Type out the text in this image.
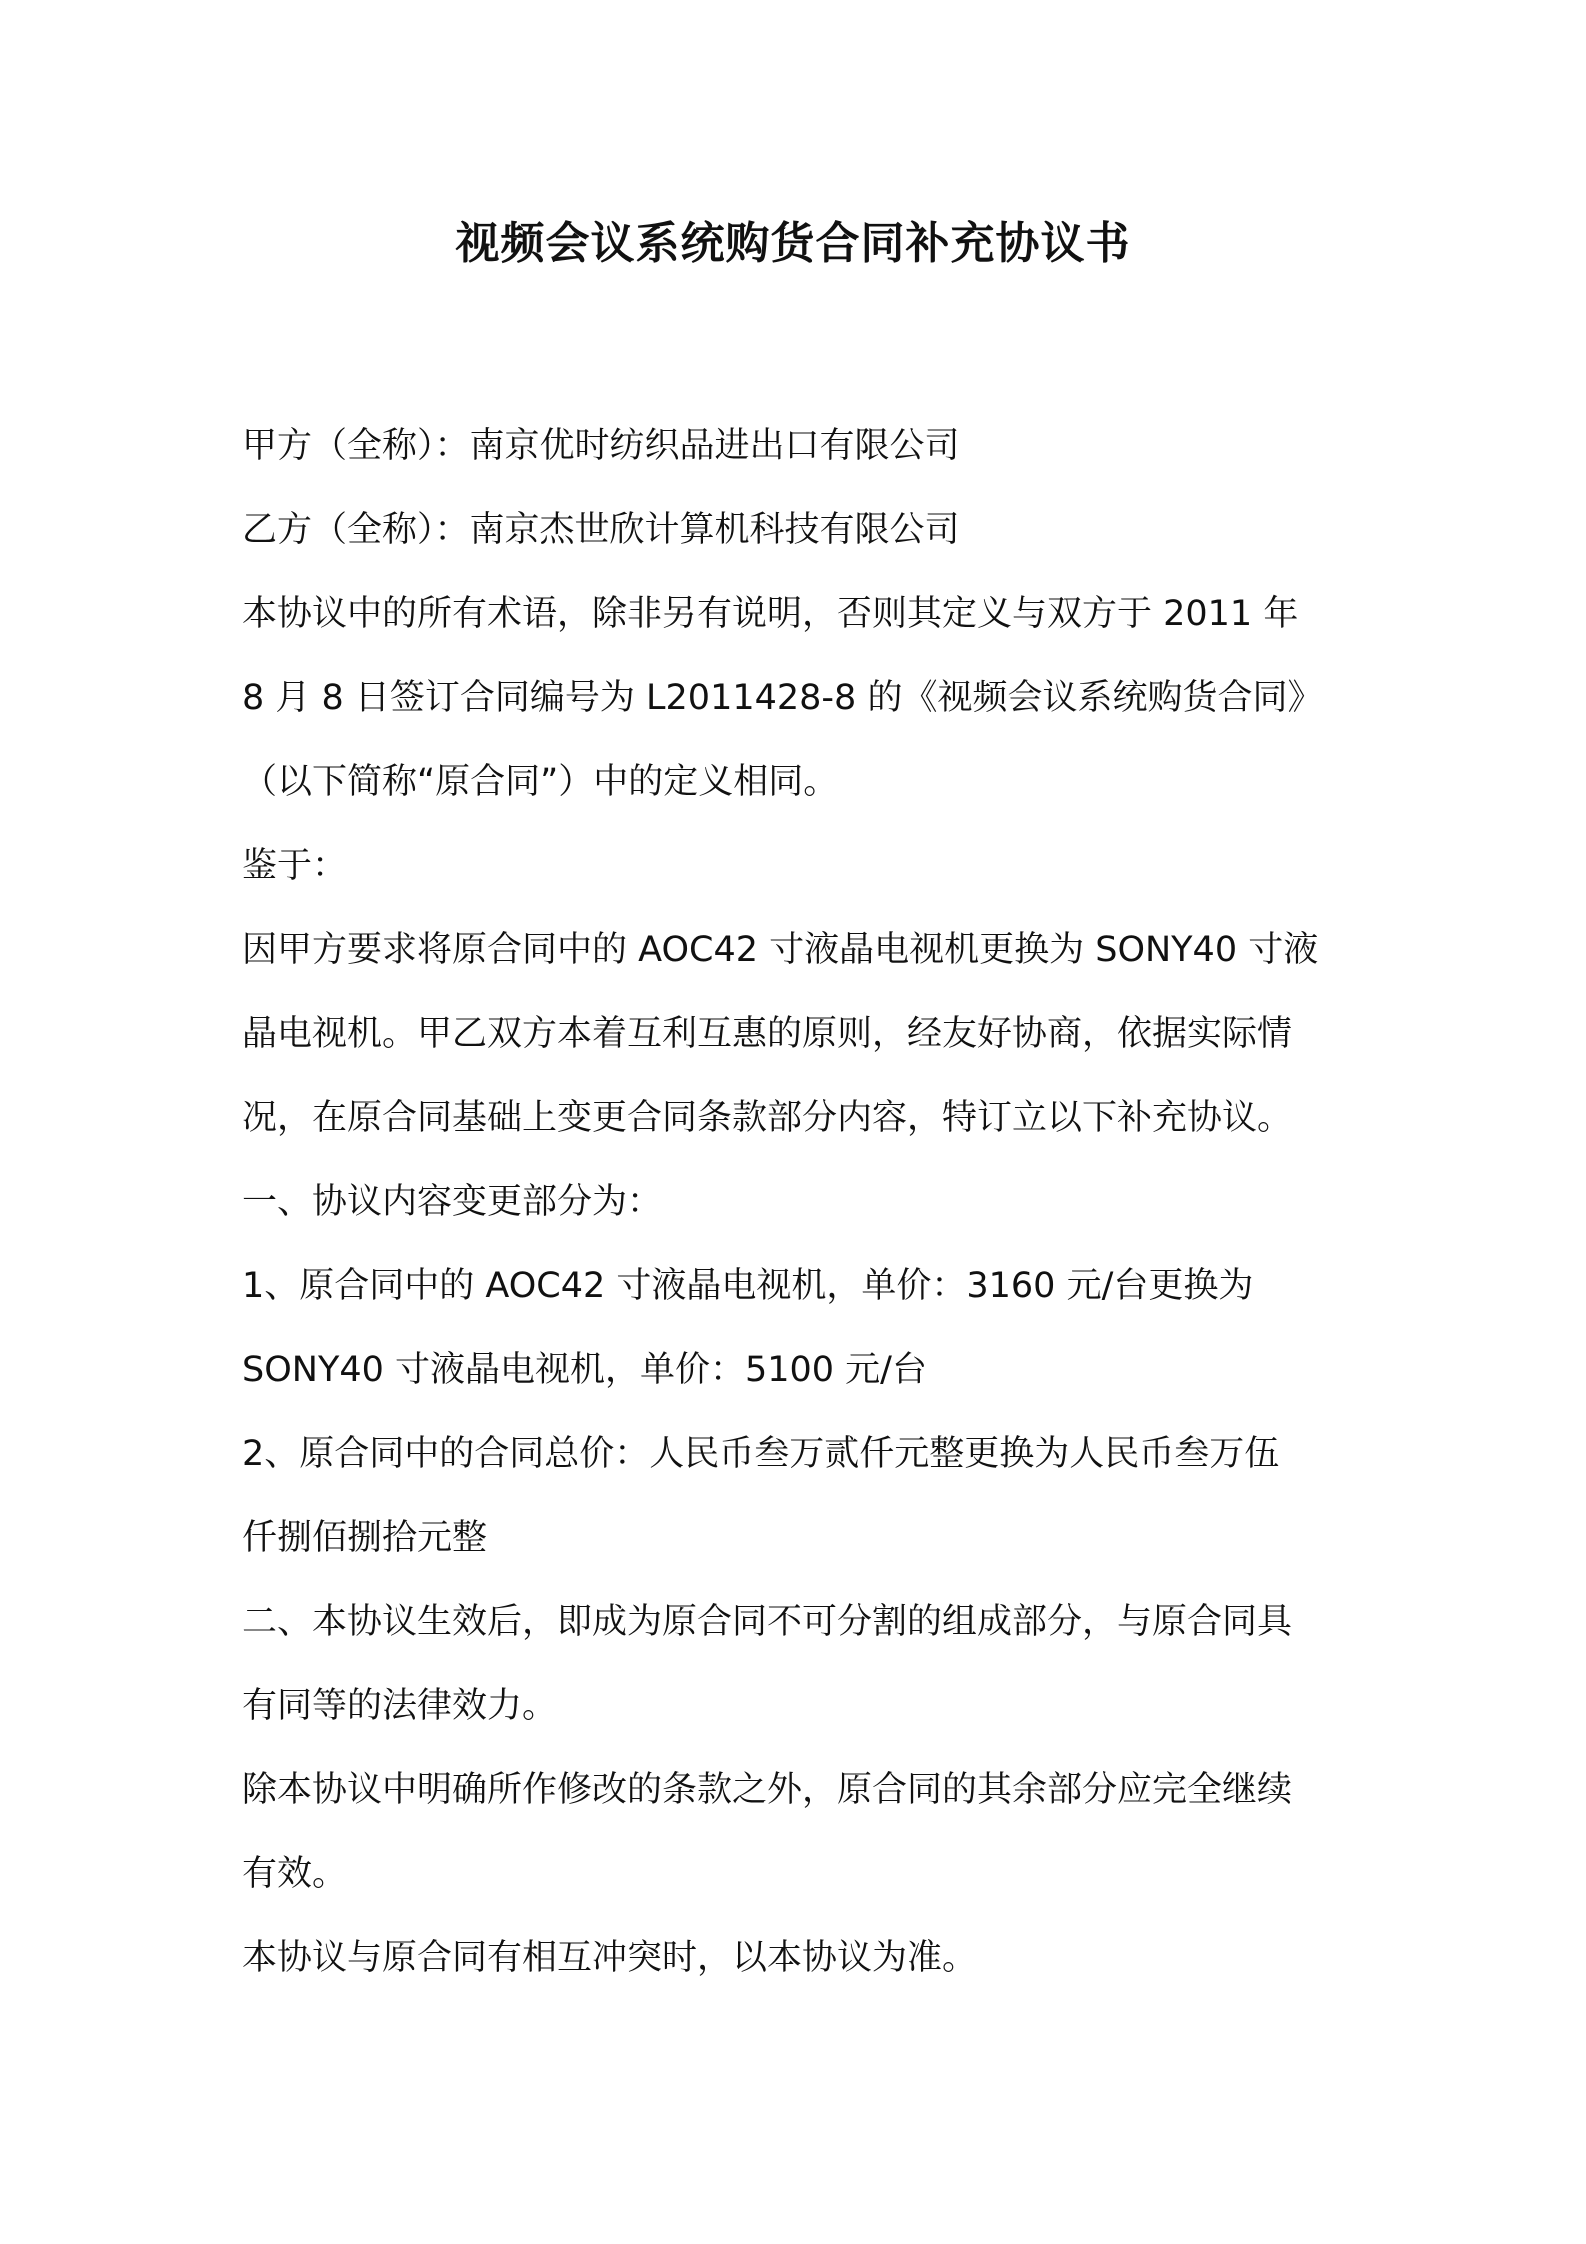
视频会议系统购货合同补充协议书

甲方（全称）：南京优时纺织品进出口有限公司

乙方（全称）：南京杰世欣计算机科技有限公司

本协议中的所有术语，除非另有说明，否则其定义与双方于 2011 年

8 月 8 日签订合同编号为 L2011428-8 的《视频会议系统购货合同》

（以下简称“原合同”）中的定义相同。

鉴于：

因甲方要求将原合同中的 AOC42 寸液晶电视机更换为 SONY40 寸液

晶电视机。甲乙双方本着互利互惠的原则，经友好协商，依据实际情

况，在原合同基础上变更合同条款部分内容，特订立以下补充协议。

一、协议内容变更部分为：

1、原合同中的 AOC42 寸液晶电视机，单价：3160 元/台更换为

SONY40 寸液晶电视机，单价：5100 元/台

2、原合同中的合同总价：人民币叁万贰仟元整更换为人民币叁万伍

仟捌佰捌拾元整

二、本协议生效后，即成为原合同不可分割的组成部分，与原合同具

有同等的法律效力。

除本协议中明确所作修改的条款之外，原合同的其余部分应完全继续

有效。

本协议与原合同有相互冲突时，以本协议为准。
